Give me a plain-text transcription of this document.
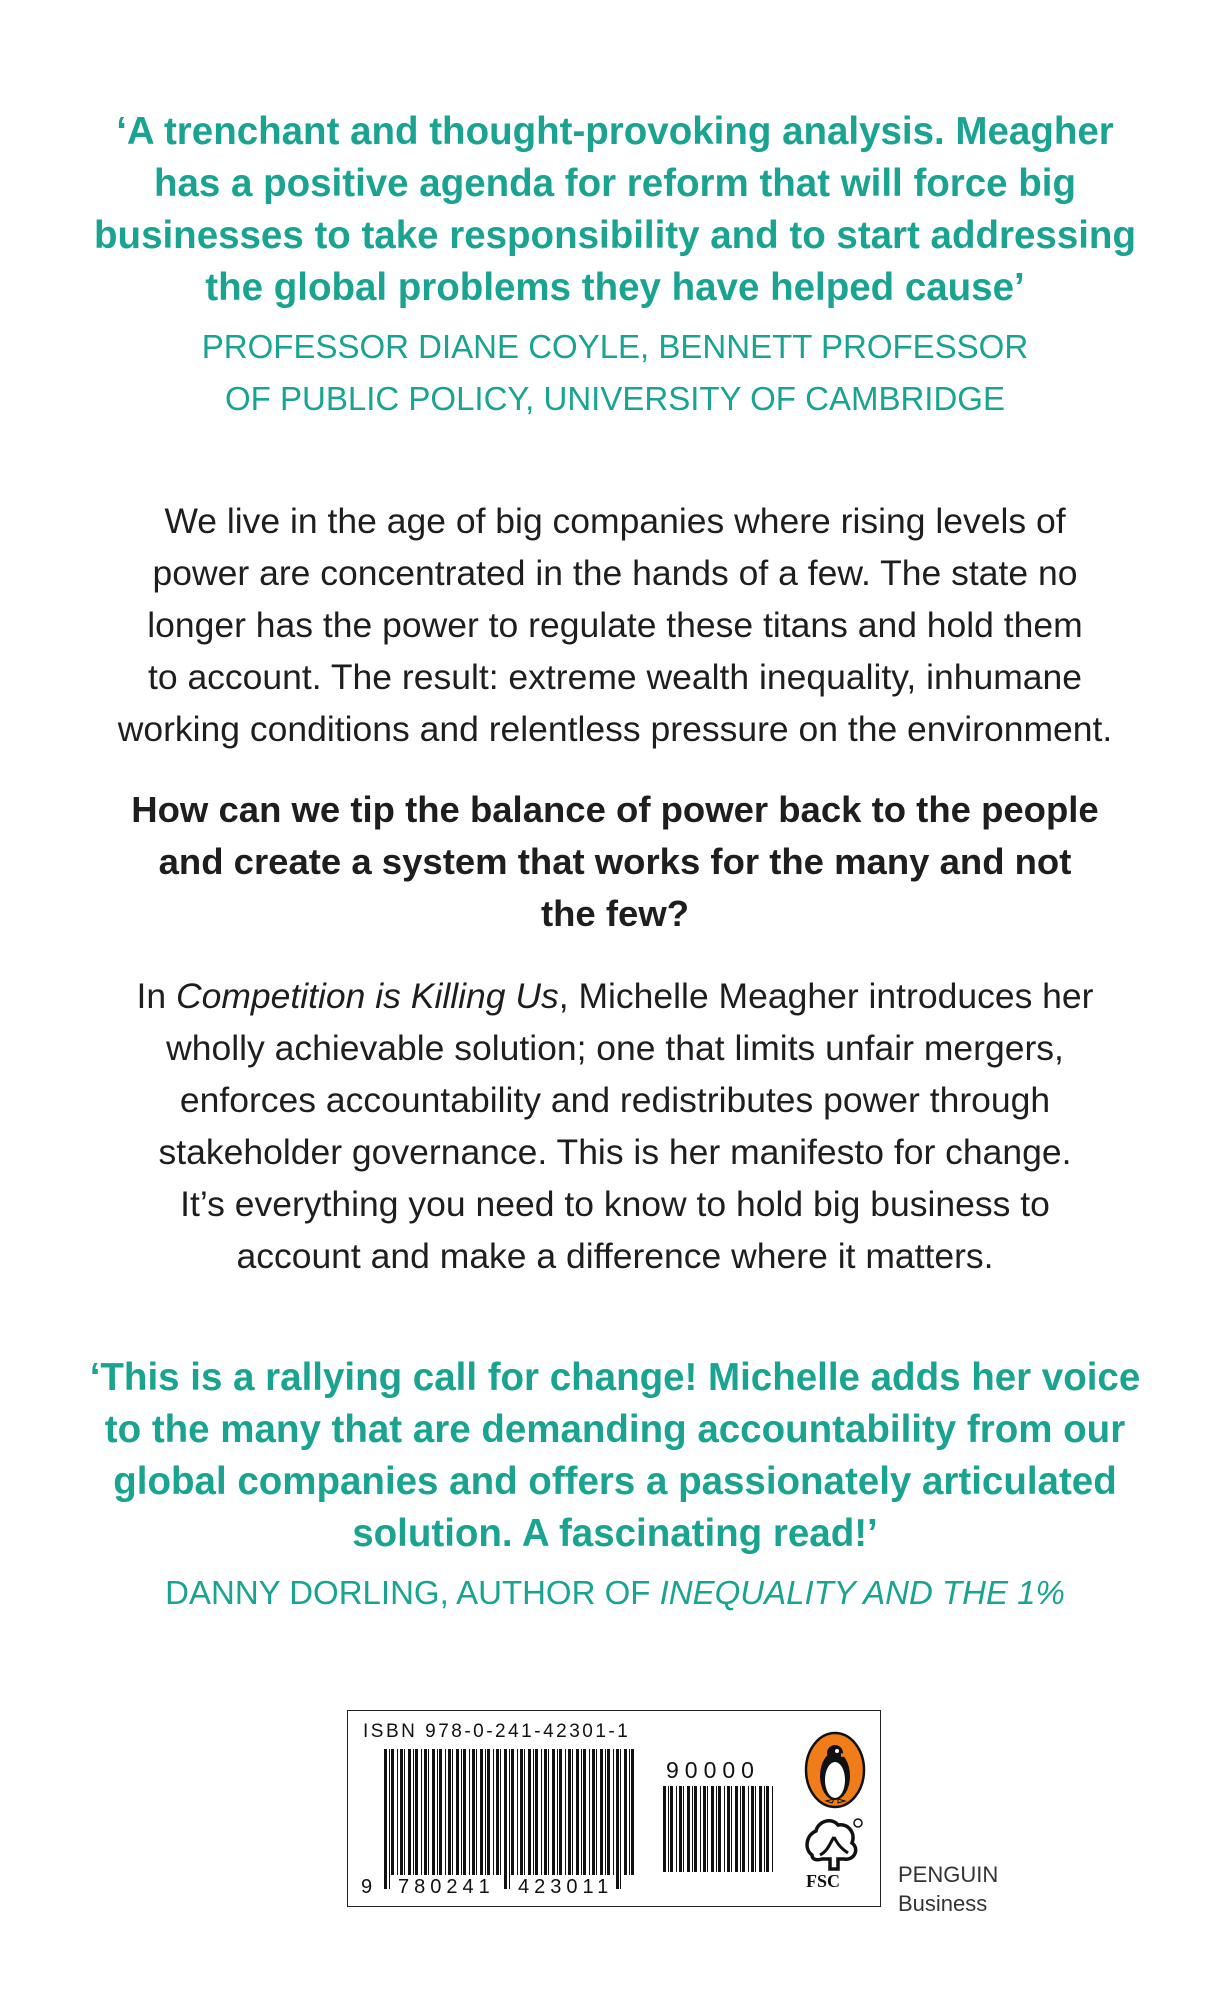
‘A trenchant and thought-provoking analysis. Meagher
has a positive agenda for reform that will force big
businesses to take responsibility and to start addressing
the global problems they have helped cause’
PROFESSOR DIANE COYLE, BENNETT PROFESSOR
OF PUBLIC POLICY, UNIVERSITY OF CAMBRIDGE
We live in the age of big companies where rising levels of
power are concentrated in the hands of a few. The state no
longer has the power to regulate these titans and hold them
to account. The result: extreme wealth inequality, inhumane
working conditions and relentless pressure on the environment.
How can we tip the balance of power back to the people
and create a system that works for the many and not
the few?
In Competition is Killing Us, Michelle Meagher introduces her
wholly achievable solution; one that limits unfair mergers,
enforces accountability and redistributes power through
stakeholder governance. This is her manifesto for change.
It’s everything you need to know to hold big business to
account and make a difference where it matters.
‘This is a rallying call for change! Michelle adds her voice
to the many that are demanding accountability from our
global companies and offers a passionately articulated
solution. A fascinating read!’
DANNY DORLING, AUTHOR OF INEQUALITY AND THE 1%
ISBN 978-0-241-42301-1
9 780241 423011
90000
FSC	PENGUIN
Business
